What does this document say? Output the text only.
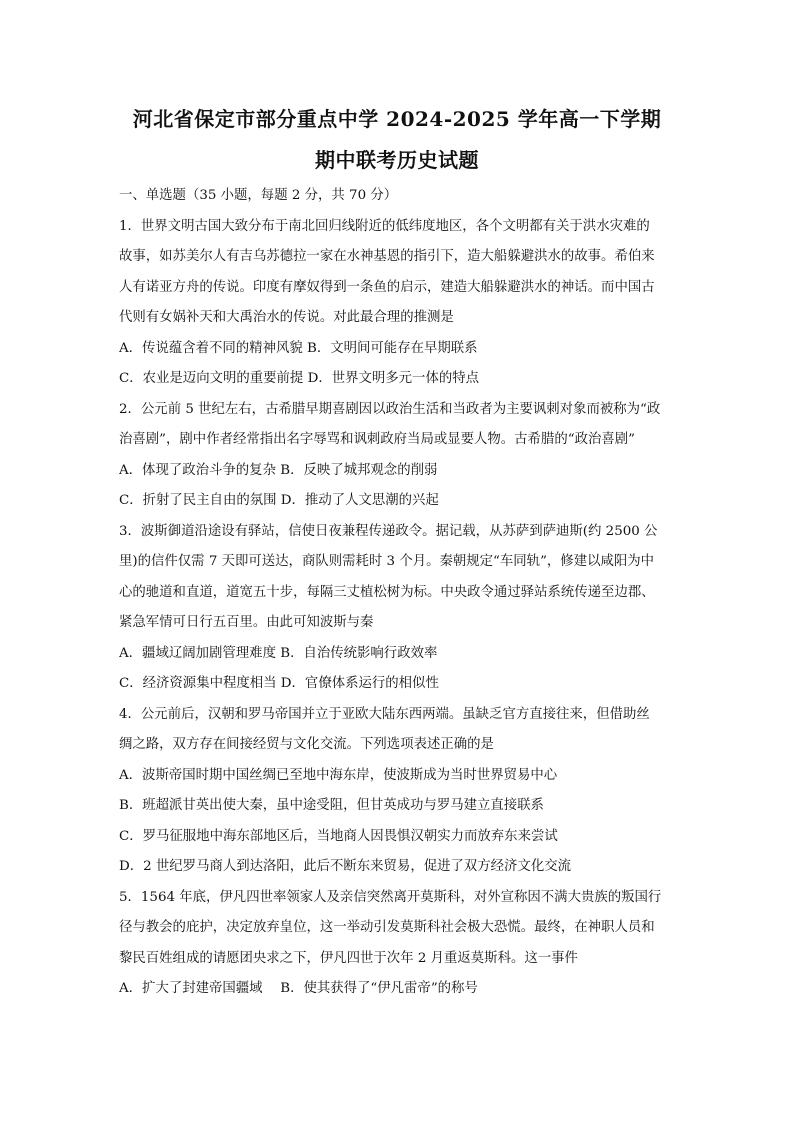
河北省保定市部分重点中学 2024-2025 学年高一下学期
期中联考历史试题
一、单选题（35 小题，每题 2 分，共 70 分）
1．世界文明古国大致分布于南北回归线附近的低纬度地区，各个文明都有关于洪水灾难的
故事，如苏美尔人有吉乌苏德拉一家在水神基恩的指引下，造大船躲避洪水的故事。希伯来
人有诺亚方舟的传说。印度有摩奴得到一条鱼的启示，建造大船躲避洪水的神话。而中国古
代则有女娲补天和大禹治水的传说。对此最合理的推测是
A．传说蕴含着不同的精神风貌 B．文明间可能存在早期联系
C．农业是迈向文明的重要前提 D．世界文明多元一体的特点
2．公元前 5 世纪左右，古希腊早期喜剧因以政治生活和当政者为主要讽刺对象而被称为“政
治喜剧”，剧中作者经常指出名字辱骂和讽刺政府当局或显要人物。古希腊的“政治喜剧”
A．体现了政治斗争的复杂 B．反映了城邦观念的削弱
C．折射了民主自由的氛围 D．推动了人文思潮的兴起
3．波斯御道沿途设有驿站，信使日夜兼程传递政令。据记载，从苏萨到萨迪斯(约 2500 公
里)的信件仅需 7 天即可送达，商队则需耗时 3 个月。秦朝规定“车同轨”，修建以咸阳为中
心的驰道和直道，道宽五十步，每隔三丈植松树为标。中央政令通过驿站系统传递至边郡、
紧急军情可日行五百里。由此可知波斯与秦
A．疆域辽阔加剧管理难度 B．自治传统影响行政效率
C．经济资源集中程度相当 D．官僚体系运行的相似性
4．公元前后，汉朝和罗马帝国并立于亚欧大陆东西两端。虽缺乏官方直接往来，但借助丝
绸之路，双方存在间接经贸与文化交流。下列选项表述正确的是
A．波斯帝国时期中国丝绸已至地中海东岸，使波斯成为当时世界贸易中心
B．班超派甘英出使大秦，虽中途受阻，但甘英成功与罗马建立直接联系
C．罗马征服地中海东部地区后，当地商人因畏惧汉朝实力而放弃东来尝试
D．2 世纪罗马商人到达洛阳，此后不断东来贸易，促进了双方经济文化交流
5．1564 年底，伊凡四世率领家人及亲信突然离开莫斯科，对外宣称因不满大贵族的叛国行
径与教会的庇护，决定放弃皇位，这一举动引发莫斯科社会极大恐慌。最终，在神职人员和
黎民百姓组成的请愿团央求之下，伊凡四世于次年 2 月重返莫斯科。这一事件
A．扩大了封建帝国疆域　 B．使其获得了“伊凡雷帝”的称号
